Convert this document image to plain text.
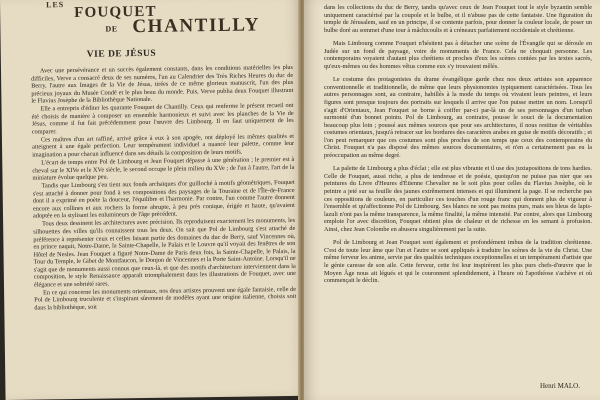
LES FOUQUET
DE CHANTILLY
VIE DE JÉSUS

Avec une persévérance et un succès également constants, dans les conditions matérielles les plus difficiles, Verve a consacré deux de ses numéros, l'un au Calendrier des Très Riches Heures du duc de Berry, l'autre aux Images de la Vie de Jésus, tirées de ce même glorieux manuscrit, l'un des plus précieux joyaux du Musée Condé et le plus beau du monde. Puis, Verve publia deux Fouquet illustrant le Flavius Josèphe de la Bibliothèque Nationale.

Elle a entrepris d'éditer les quarante Fouquet de Chantilly. Ceux qui renferme le présent recueil ont été choisis de manière à composer un ensemble harmonieux et suivi avec les planches de la Vie de Jésus, comme il fut fait précédemment pour l'œuvre des Limbourg. Il en faut uniquement de les comparer.

Ces maîtres d'un art raffiné, arrivé grâce à eux à son apogée, ont déployé les mêmes qualités et atteignent à une égale perfection. Leur tempérament individuel a nuancé leur palette, comme leur imagination a pour chacun influencé dans ses détails la composition de leurs motifs.

L'écart de temps entre Pol de Limbourg et Jean Fouquet dépasse à une génération ; le premier est à cheval sur le XIVe et le XVe siècle, le second occupe le plein milieu du XVe ; de l'un à l'autre, l'art de la miniature évolue quelque peu.

Tandis que Limbourg s'en tient aux fonds archaïques d'or guilloché à motifs géométriques, Fouquet s'est attaché à donner pour fond à ses compositions des paysages de la Touraine et de l'Île-de-France dont il a exprimé en poète la douceur, l'équilibre et l'harmonie. Par contre, l'un comme l'autre donnent encore aux collines et aux rochers la forme abrupte, à peu près conique, érigée et haute, qu'avaient adoptée en la stylisant les enlumineurs de l'âge précédent.

Tous deux dessinent les architectures avec précision. Ils reproduisent exactement les monuments, les silhouettes des villes qu'ils connaissent tous les deux. On sait que Pol de Limbourg s'est attaché de préférence à représenter ceux et celles faisant partie des domaines du duc de Berry, sauf Vincennes où, en prince naquit, Notre-Dame, la Sainte-Chapelle, le Palais et le Louvre qu'il voyait des fenêtres de son Hôtel de Nesles. Jean Fouquet a figuré Notre-Dame de Paris deux fois, la Sainte-Chapelle, le Palais, la Tour du Temple, le Gibet de Montfaucon, le Donjon de Vincennes et la Porte Saint-Antoine. Lorsqu'il ne s'agit que de monuments aussi connus que ceux-là, et que des motifs d'architecture interviennent dans la composition, le style Renaissance apparaît triomphalement dans les illustrations de Fouquet, avec une élégance et une sobriété rares.

En ce qui concerne les monuments orientaux, nos deux artistes prouvent une égale fantaisie, celle de Pol de Limbourg truculente et s'inspirant sûrement de modèles ayant une origine italienne, choisis soit dans la bibliothèque, soit

dans les collections du duc de Berry, tandis qu'avec ceux de Jean Fouquet tout le style byzantin semble uniquement caractérisé par la coupole et le bulbe, et il n'abuse pas de cette fantaisie. Une figuration du temple de Jérusalem, sauf en un principe, il se contente parfois, pour donner la couleur locale, de poser un bulbe doré au sommet d'une tour à mâchicoulis et à créneaux parfaitement occidentale et chrétienne.

Mais Limbourg comme Fouquet n'hésitent pas à détacher une scène de l'Évangile qui se déroule en Judée sur un fond de paysage, voire de monuments de France. Cela ne choquait personne. Les contemporains voyaient d'autant plus chrétiens et proches d'eux les scènes contées par les textes sacrés, qu'eux-mêmes ou des hommes vêtus comme eux s'y trouvaient mêlés.

Le costume des protagonistes du drame évangélique garde chez nos deux artistes son apparence conventionnelle et traditionnelle, de même que leurs physionomies typiquement caractérisées. Tous les autres personnages sont, au contraire, habillés à la mode du temps où vivaient leurs peintres, et leurs figures sont presque toujours des portraits sur lesquels il arrive que l'on puisse mettre un nom. Lorsqu'il s'agit d'Orientaux, Jean Fouquet se borne à coiffer par-ci par-là un de ses personnages d'un turban surmonté d'un bonnet pointu. Pol de Limbourg, au contraire, pousse le souci de la documentation beaucoup plus loin ; poussé aux mêmes sources que pour ses architectures, il nous restitue de véritables costumes orientaux, jusqu'à retracer sur les bordures des caractères arabes en guise de motifs décoratifs ; et l'on peut remarquer que ces costumes sont plus proches de son temps que ceux des contemporains du Christ. Fouquet n'a pas disposé des mêmes sources documentaires, et n'en a certainement pas eu la préoccupation au même degré.

La palette de Limbourg a plus d'éclat ; elle est plus vibrante et il use des juxtapositions de tons hardies. Celle de Fouquet, aussi riche, a plus de tendresse et de poésie, quoiqu'on ne puisse pas nier que ses peintures du Livre d'Heures d'Étienne Chevalier ne le soit plus pour celles du Flavius Josèphe, où le peintre a jeté sur sa feuille des jaunes extrêmement intenses et qui illuminent la page. Il se recherche pas ces oppositions de couleurs, en particulier ces touches d'un rouge franc qui donnent plus de vigueur à l'ensemble et qu'affectionne Pol de Limbourg. Ses blancs ne sont pas moins purs, mais ses bleus de lapis-lazuli n'ont pas la même transparence, la même finalité, la même intensité. Par contre, alors que Limbourg emploie l'or avec discrétion, Fouquet obtient plus de chaleur et de richesse en les semant à profusion. Ainsi, chez Jean Colombe en abusera singulièrement par la suite.

Pol de Limbourg et Jean Fouquet sont également et profondément imbus de la tradition chrétienne. C'est de toute leur âme que l'un et l'autre se sont appliqués à traduire les scènes de la vie du Christ. Une même ferveur les anime, servie par des qualités techniques exceptionnelles et un tempérament d'artiste que le génie caresse de son aile. Cette ferveur, cette foi leur inspirèrent les plus purs chefs-d'œuvre que le Moyen Âge nous ait légués et qui le couronnent splendidement, à l'heure où l'apothéose s'achève et où commençait le déclin.

Henri MALO.
